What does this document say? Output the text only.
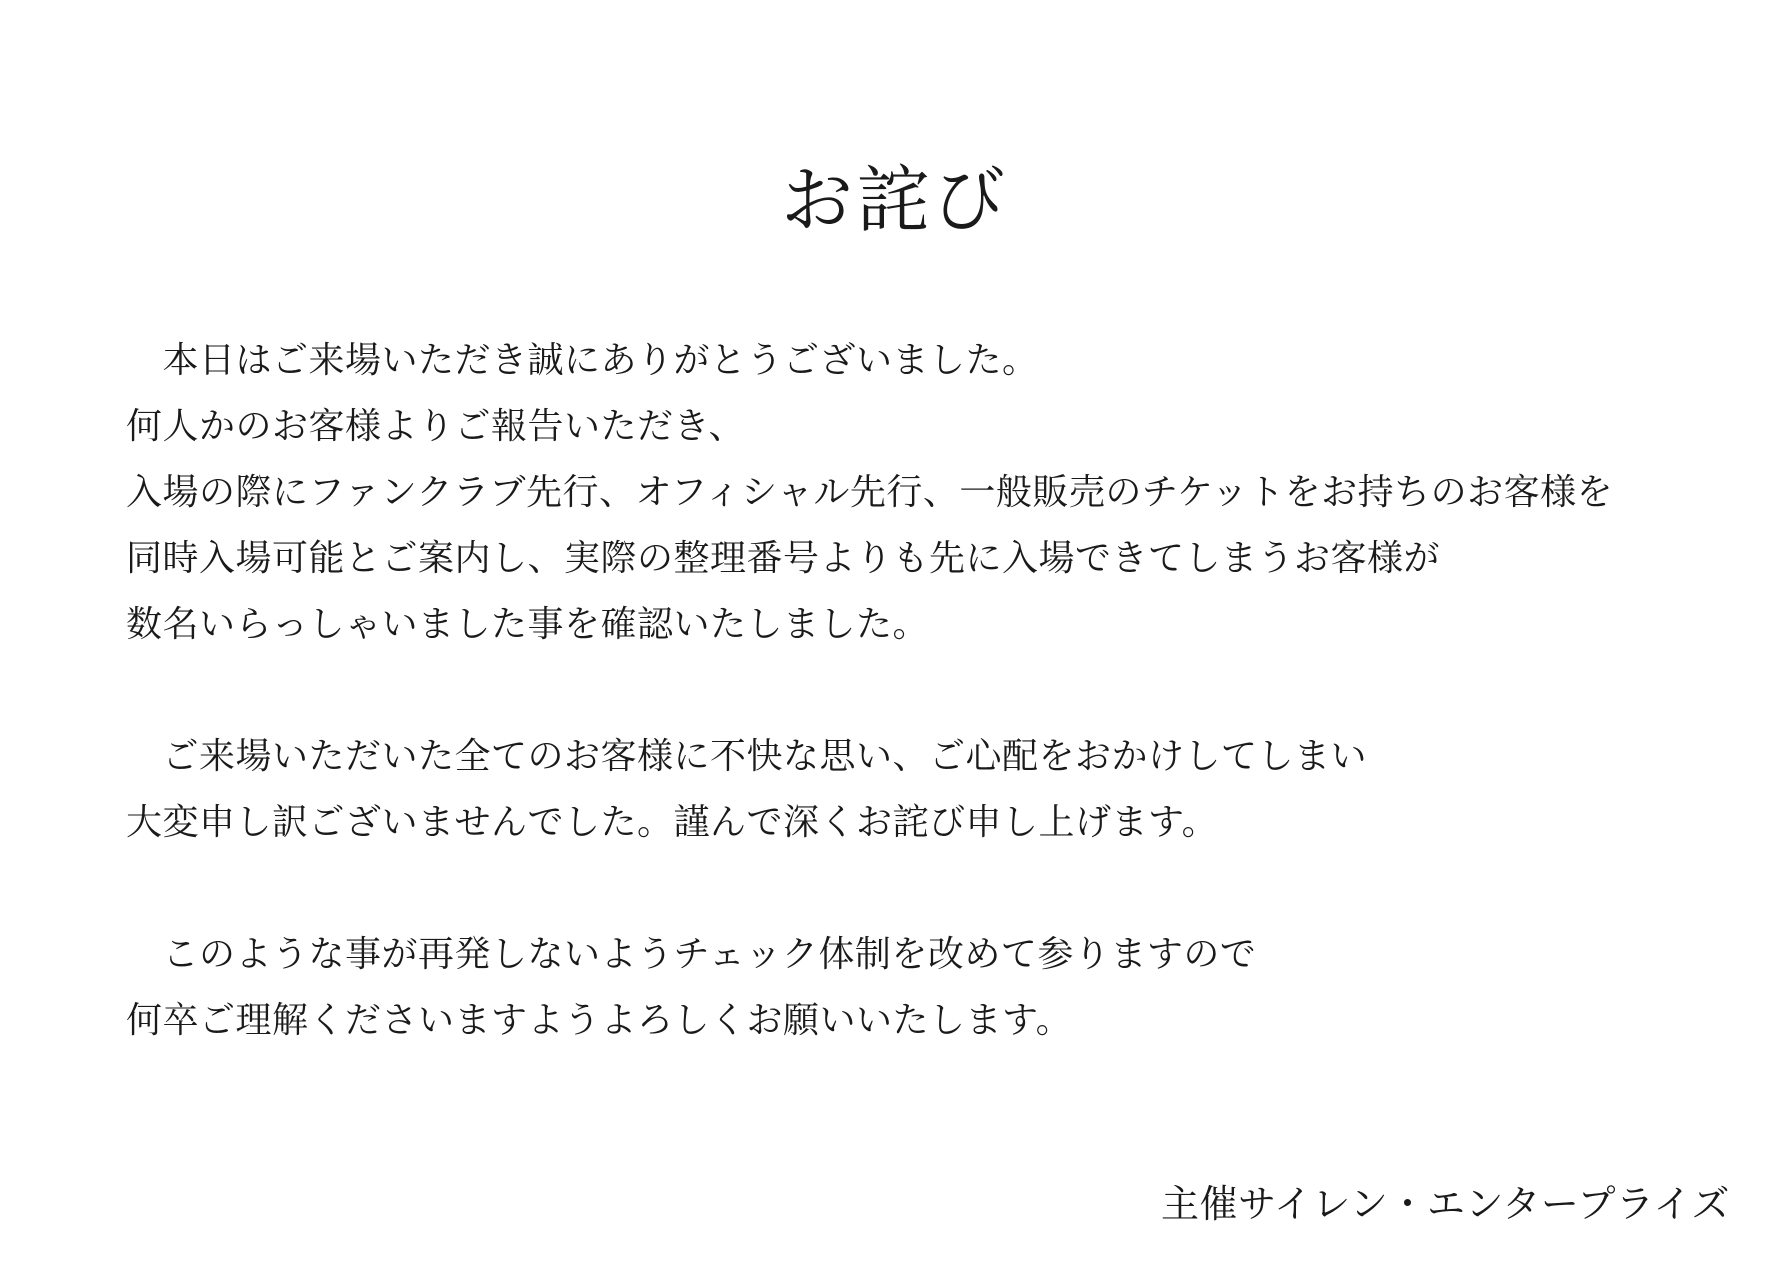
お詫び

　本日はご来場いただき誠にありがとうございました。
何人かのお客様よりご報告いただき、
入場の際にファンクラブ先行、オフィシャル先行、一般販売のチケットをお持ちのお客様を
同時入場可能とご案内し、実際の整理番号よりも先に入場できてしまうお客様が
数名いらっしゃいました事を確認いたしました。

　ご来場いただいた全てのお客様に不快な思い、ご心配をおかけしてしまい
大変申し訳ございませんでした。謹んで深くお詫び申し上げます。

　このような事が再発しないようチェック体制を改めて参りますので
何卒ご理解くださいますようよろしくお願いいたします。

主催サイレン・エンタープライズ
